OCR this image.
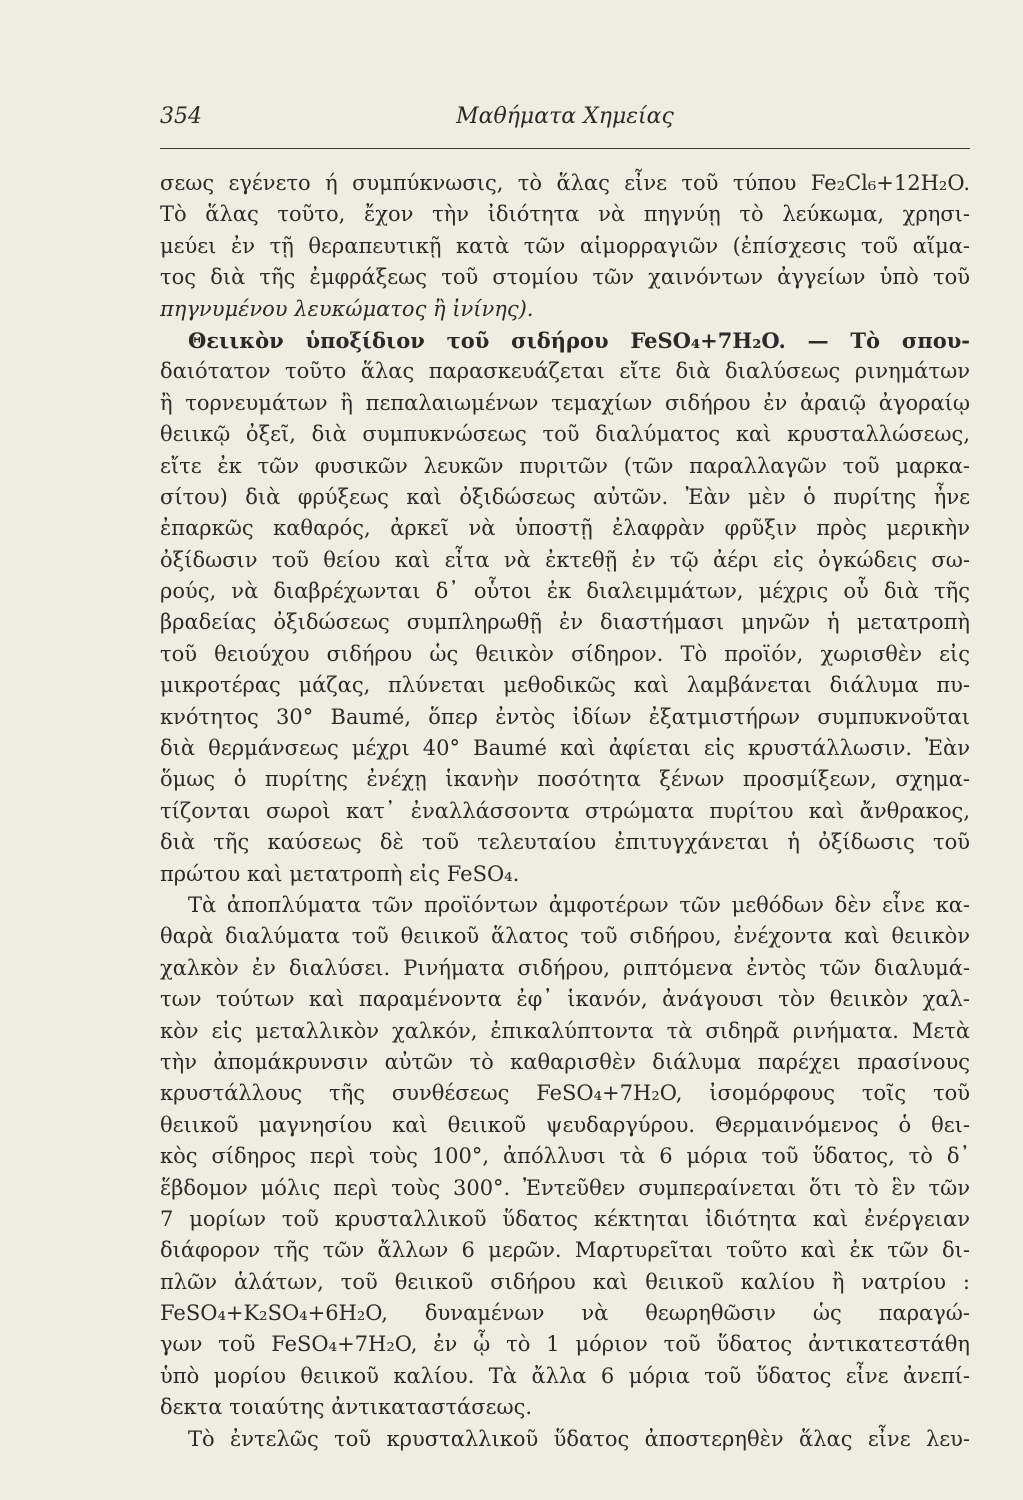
354	Μαθήματα Χημείας
σεως εγένετο ή συμπύκνωσις, τὸ ἅλας εἶνε τοῦ τύπου Fe₂Cl₆+12H₂O.
Τὸ ἅλας τοῦτο, ἔχον τὴν ἰδιότητα νὰ πηγνύῃ τὸ λεύκωμα, χρησι-
μεύει ἐν τῇ θεραπευτικῇ κατὰ τῶν αἱμορραγιῶν (ἐπίσχεσις τοῦ αἵμα-
τος διὰ τῆς ἐμφράξεως τοῦ στομίου τῶν χαινόντων ἀγγείων ὑπὸ τοῦ
πηγνυμένου λευκώματος ἢ ἰνίνης).
Θειικὸν ὑποξίδιον τοῦ σιδήρου FeSO₄+7H₂O. — Τὸ σπου-
δαιότατον τοῦτο ἅλας παρασκευάζεται εἴτε διὰ διαλύσεως ρινημάτων
ἢ τορνευμάτων ἢ πεπαλαιωμένων τεμαχίων σιδήρου ἐν ἀραιῷ ἀγοραίῳ
θειικῷ ὀξεῖ, διὰ συμπυκνώσεως τοῦ διαλύματος καὶ κρυσταλλώσεως,
εἴτε ἐκ τῶν φυσικῶν λευκῶν πυριτῶν (τῶν παραλλαγῶν τοῦ μαρκα-
σίτου) διὰ φρύξεως καὶ ὀξιδώσεως αὐτῶν. Ἐὰν μὲν ὁ πυρίτης ἦνε
ἐπαρκῶς καθαρός, ἀρκεῖ νὰ ὑποστῇ ἐλαφρὰν φρῦξιν πρὸς μερικὴν
ὀξίδωσιν τοῦ θείου καὶ εἶτα νὰ ἐκτεθῇ ἐν τῷ ἀέρι εἰς ὀγκώδεις σω-
ρούς, νὰ διαβρέχωνται δ᾽ οὗτοι ἐκ διαλειμμάτων, μέχρις οὗ διὰ τῆς
βραδείας ὀξιδώσεως συμπληρωθῇ ἐν διαστήμασι μηνῶν ἡ μετατροπὴ
τοῦ θειούχου σιδήρου ὡς θειικὸν σίδηρον. Τὸ προϊόν, χωρισθὲν εἰς
μικροτέρας μάζας, πλύνεται μεθοδικῶς καὶ λαμβάνεται διάλυμα πυ-
κνότητος 30° Baumé, ὅπερ ἐντὸς ἰδίων ἐξατμιστήρων συμπυκνοῦται
διὰ θερμάνσεως μέχρι 40° Baumé καὶ ἀφίεται εἰς κρυστάλλωσιν. Ἐὰν
ὅμως ὁ πυρίτης ἐνέχῃ ἱκανὴν ποσότητα ξένων προσμίξεων, σχημα-
τίζονται σωροὶ κατ᾽ ἐναλλάσσοντα στρώματα πυρίτου καὶ ἄνθρακος,
διὰ τῆς καύσεως δὲ τοῦ τελευταίου ἐπιτυγχάνεται ἡ ὀξίδωσις τοῦ
πρώτου καὶ μετατροπὴ εἰς FeSO₄.
Τὰ ἀποπλύματα τῶν προϊόντων ἀμφοτέρων τῶν μεθόδων δὲν εἶνε κα-
θαρὰ διαλύματα τοῦ θειικοῦ ἅλατος τοῦ σιδήρου, ἐνέχοντα καὶ θειικὸν
χαλκὸν ἐν διαλύσει. Ρινήματα σιδήρου, ριπτόμενα ἐντὸς τῶν διαλυμά-
των τούτων καὶ παραμένοντα ἐφ᾽ ἱκανόν, ἀνάγουσι τὸν θειικὸν χαλ-
κὸν εἰς μεταλλικὸν χαλκόν, ἐπικαλύπτοντα τὰ σιδηρᾶ ρινήματα. Μετὰ
τὴν ἀπομάκρυνσιν αὐτῶν τὸ καθαρισθὲν διάλυμα παρέχει πρασίνους
κρυστάλλους τῆς συνθέσεως FeSO₄+7H₂O, ἰσομόρφους τοῖς τοῦ
θειικοῦ μαγνησίου καὶ θειικοῦ ψευδαργύρου. Θερμαινόμενος ὁ θει-
κὸς σίδηρος περὶ τοὺς 100°, ἀπόλλυσι τὰ 6 μόρια τοῦ ὕδατος, τὸ δ᾽
ἕβδομον μόλις περὶ τοὺς 300°. Ἐντεῦθεν συμπεραίνεται ὅτι τὸ ἓν τῶν
7 μορίων τοῦ κρυσταλλικοῦ ὕδατος κέκτηται ἰδιότητα καὶ ἐνέργειαν
διάφορον τῆς τῶν ἄλλων 6 μερῶν. Μαρτυρεῖται τοῦτο καὶ ἐκ τῶν δι-
πλῶν ἁλάτων, τοῦ θειικοῦ σιδήρου καὶ θειικοῦ καλίου ἢ νατρίου :
FeSO₄+K₂SO₄+6H₂O, δυναμένων νὰ θεωρηθῶσιν ὡς παραγώ-
γων τοῦ FeSO₄+7H₂O, ἐν ᾧ τὸ 1 μόριον τοῦ ὕδατος ἀντικατεστάθη
ὑπὸ μορίου θειικοῦ καλίου. Τὰ ἄλλα 6 μόρια τοῦ ὕδατος εἶνε ἀνεπί-
δεκτα τοιαύτης ἀντικαταστάσεως.
Τὸ ἐντελῶς τοῦ κρυσταλλικοῦ ὕδατος ἀποστερηθὲν ἅλας εἶνε λευ-
